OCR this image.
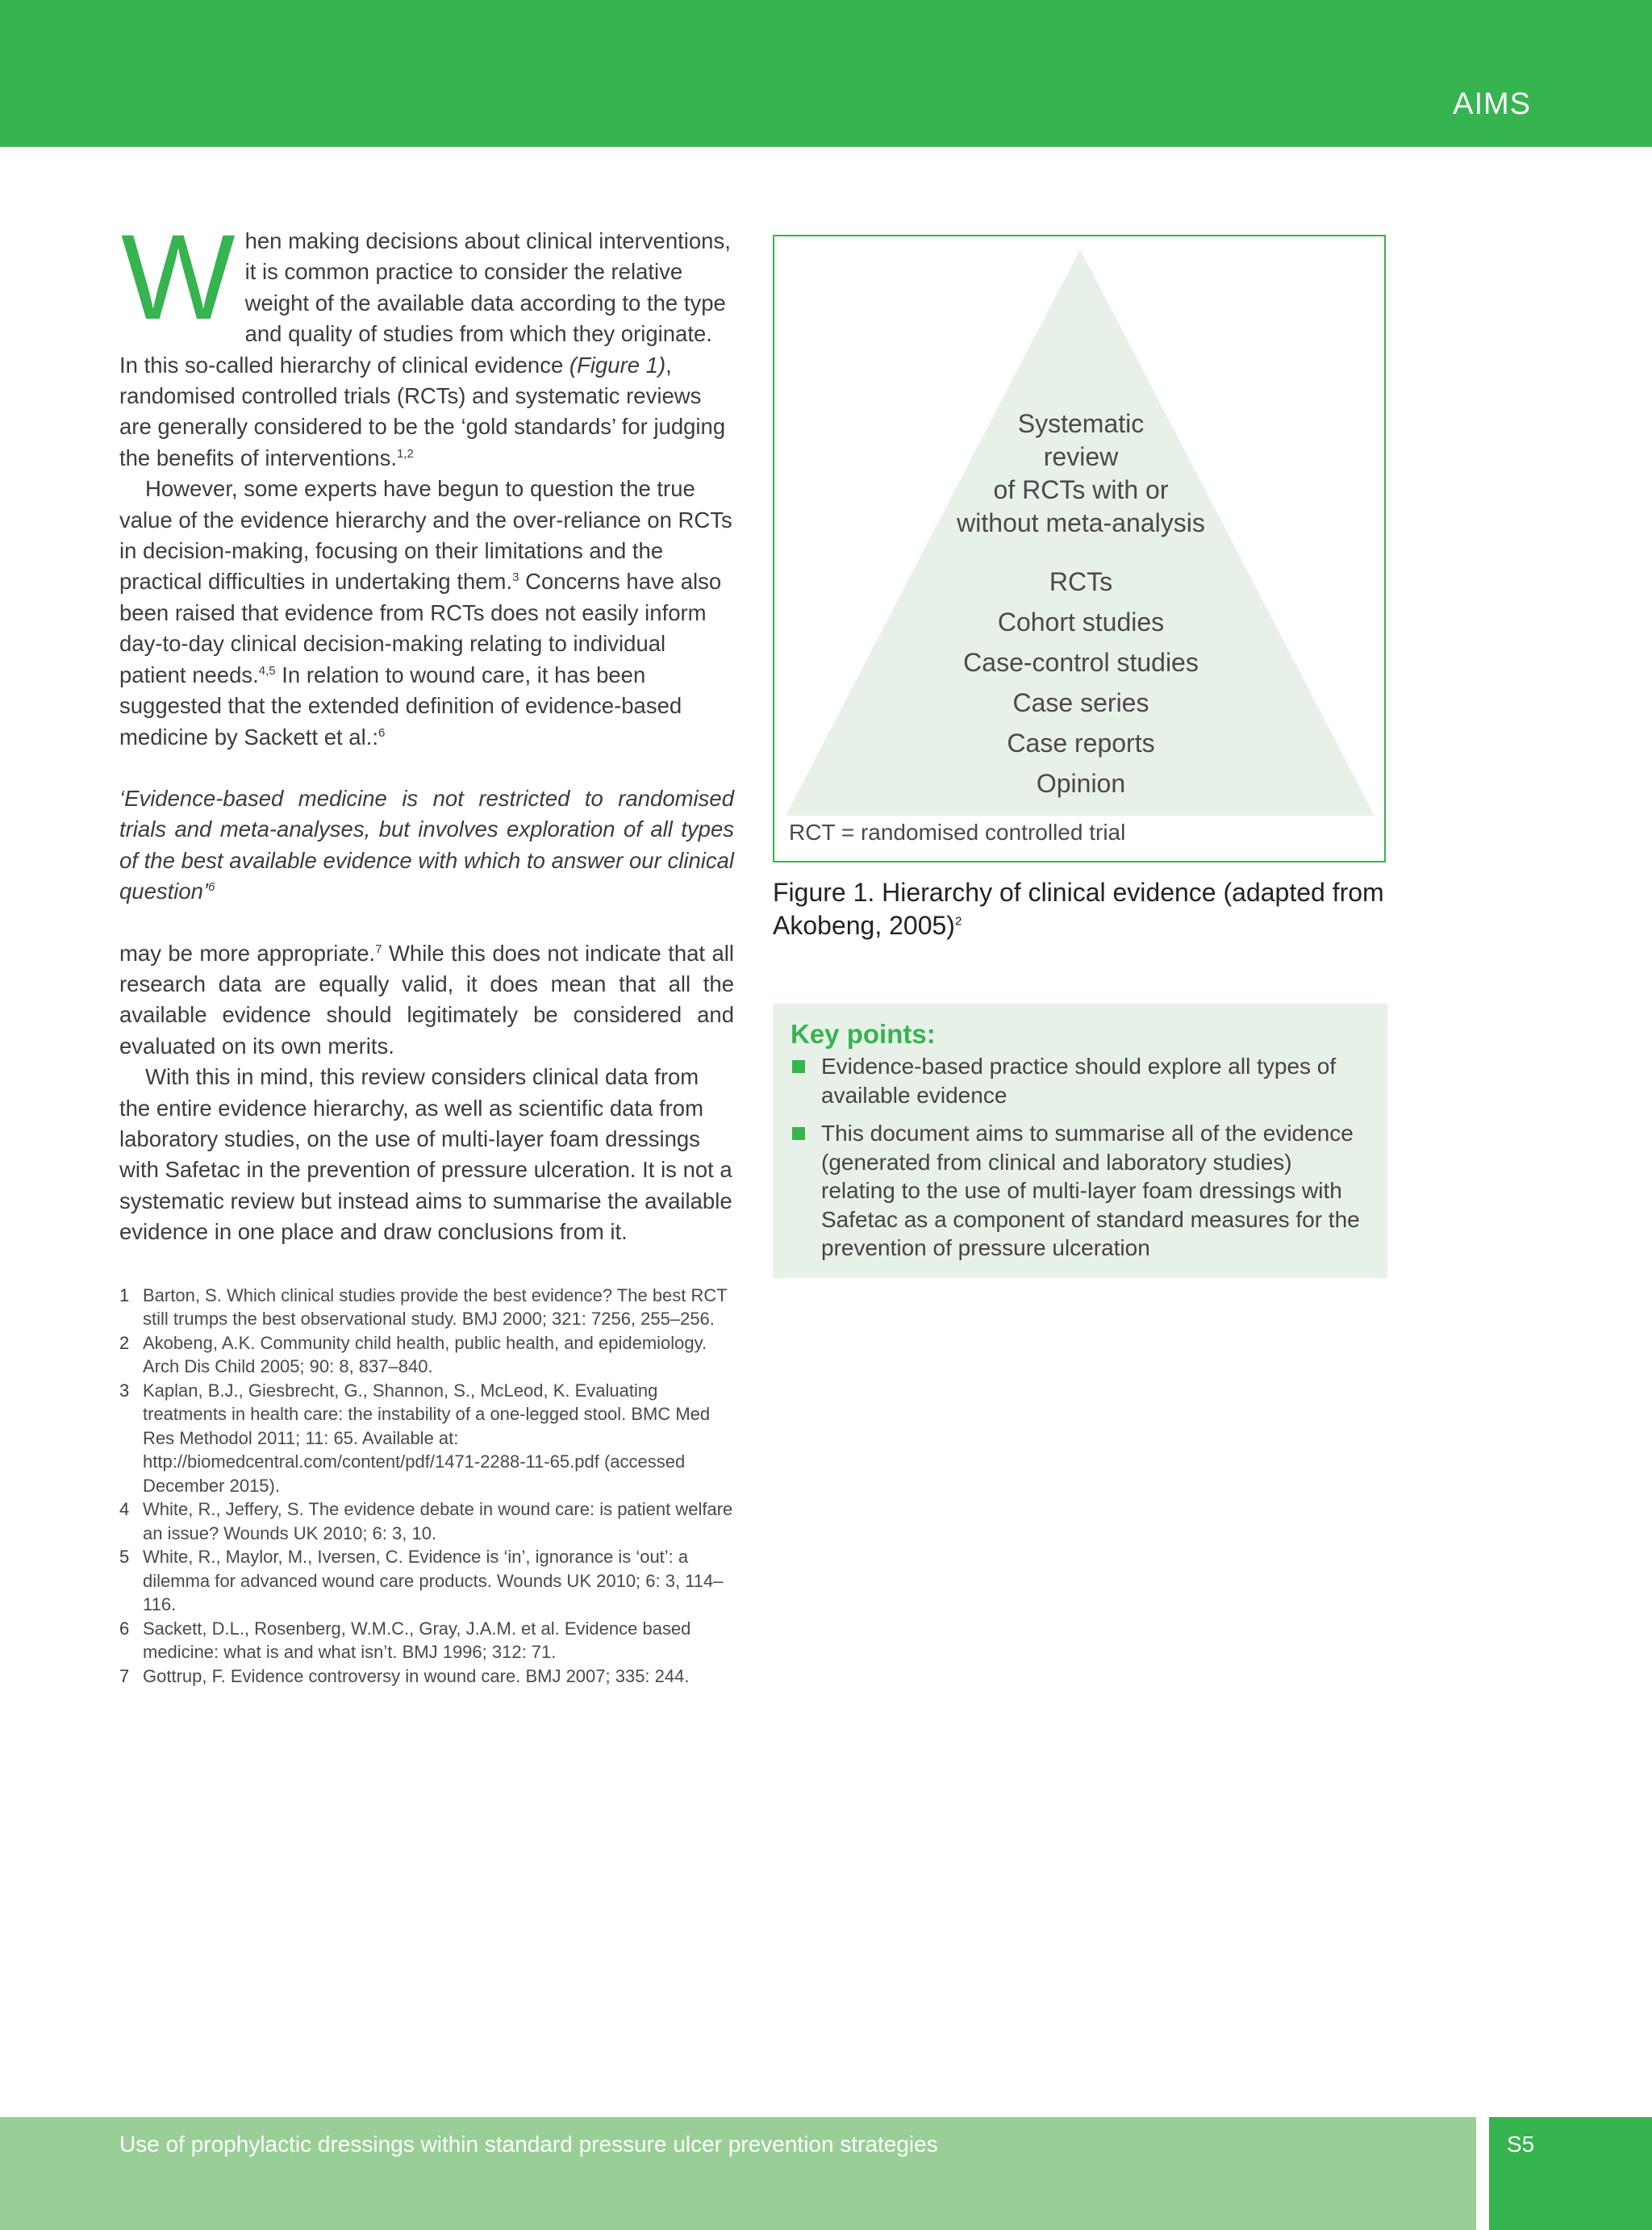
AIMS

When making decisions about clinical interventions, it is common practice to consider the relative weight of the available data according to the type and quality of studies from which they originate. In this so-called hierarchy of clinical evidence (Figure 1), randomised controlled trials (RCTs) and systematic reviews are generally considered to be the ‘gold standards’ for judging the benefits of interventions.$^{1,2}$

However, some experts have begun to question the true value of the evidence hierarchy and the over-reliance on RCTs in decision-making, focusing on their limitations and the practical difficulties in undertaking them.$^3$ Concerns have also been raised that evidence from RCTs does not easily inform day-to-day clinical decision-making relating to individual patient needs.$^{4,5}$ In relation to wound care, it has been suggested that the extended definition of evidence-based medicine by Sackett et al.:$^6$

‘Evidence-based medicine is not restricted to randomised trials and meta-analyses, but involves exploration of all types of the best available evidence with which to answer our clinical question’$^6$

may be more appropriate.$^7$ While this does not indicate that all research data are equally valid, it does mean that all the available evidence should legitimately be considered and evaluated on its own merits.

With this in mind, this review considers clinical data from the entire evidence hierarchy, as well as scientific data from laboratory studies, on the use of multi-layer foam dressings with Safetac in the prevention of pressure ulceration. It is not a systematic review but instead aims to summarise the available evidence in one place and draw conclusions from it.

1 Barton, S. Which clinical studies provide the best evidence? The best RCT still trumps the best observational study. BMJ 2000; 321: 7256, 255–256.
2 Akobeng, A.K. Community child health, public health, and epidemiology. Arch Dis Child 2005; 90: 8, 837–840.
3 Kaplan, B.J., Giesbrecht, G., Shannon, S., McLeod, K. Evaluating treatments in health care: the instability of a one-legged stool. BMC Med Res Methodol 2011; 11: 65. Available at: http://biomedcentral.com/content/pdf/1471-2288-11-65.pdf (accessed December 2015).
4 White, R., Jeffery, S. The evidence debate in wound care: is patient welfare an issue? Wounds UK 2010; 6: 3, 10.
5 White, R., Maylor, M., Iversen, C. Evidence is ‘in’, ignorance is ‘out’: a dilemma for advanced wound care products. Wounds UK 2010; 6: 3, 114–116.
6 Sackett, D.L., Rosenberg, W.M.C., Gray, J.A.M. et al. Evidence based medicine: what is and what isn’t. BMJ 1996; 312: 71.
7 Gottrup, F. Evidence controversy in wound care. BMJ 2007; 335: 244.
Systematic
review
of RCTs with or
without meta-analysis
RCTs
Cohort studies
Case-control studies
Case series
Case reports
Opinion
RCT = randomised controlled trial
Figure 1. Hierarchy of clinical evidence (adapted from Akobeng, 2005)$^2$
Key points:
Evidence-based practice should explore all types of available evidence
This document aims to summarise all of the evidence (generated from clinical and laboratory studies) relating to the use of multi-layer foam dressings with Safetac as a component of standard measures for the prevention of pressure ulceration
Use of prophylactic dressings within standard pressure ulcer prevention strategies	S5
